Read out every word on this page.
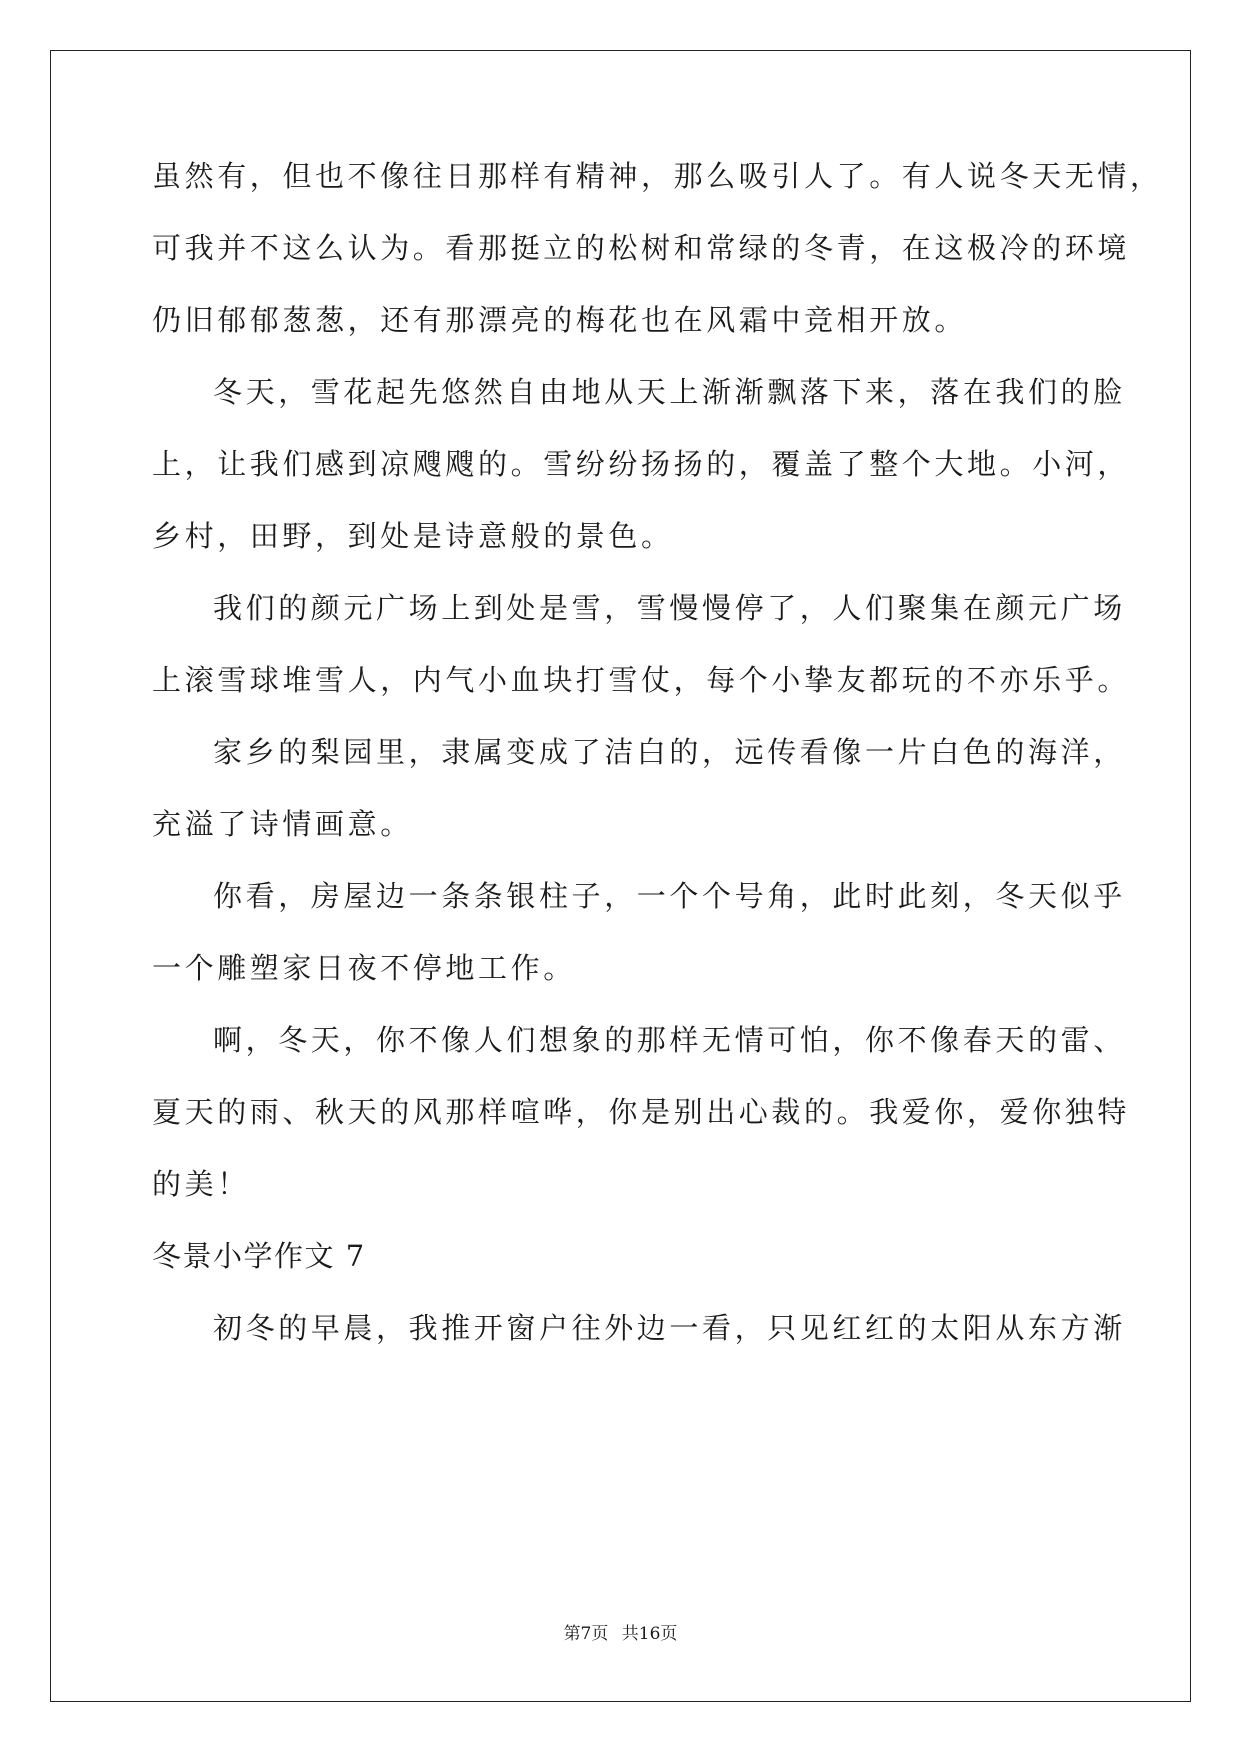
虽然有，但也不像往日那样有精神，那么吸引人了。有人说冬天无情，
可我并不这么认为。看那挺立的松树和常绿的冬青，在这极冷的环境
仍旧郁郁葱葱，还有那漂亮的梅花也在风霜中竞相开放。
冬天，雪花起先悠然自由地从天上渐渐飘落下来，落在我们的脸
上，让我们感到凉飕飕的。雪纷纷扬扬的，覆盖了整个大地。小河，
乡村，田野，到处是诗意般的景色。
我们的颜元广场上到处是雪，雪慢慢停了，人们聚集在颜元广场
上滚雪球堆雪人，内气小血块打雪仗，每个小挚友都玩的不亦乐乎。
家乡的梨园里，隶属变成了洁白的，远传看像一片白色的海洋，
充溢了诗情画意。
你看，房屋边一条条银柱子，一个个号角，此时此刻，冬天似乎
一个雕塑家日夜不停地工作。
啊，冬天，你不像人们想象的那样无情可怕，你不像春天的雷、
夏天的雨、秋天的风那样喧哗，你是别出心裁的。我爱你，爱你独特
的美！
冬景小学作文 7
初冬的早晨，我推开窗户往外边一看，只见红红的太阳从东方渐
第7页 共16页
